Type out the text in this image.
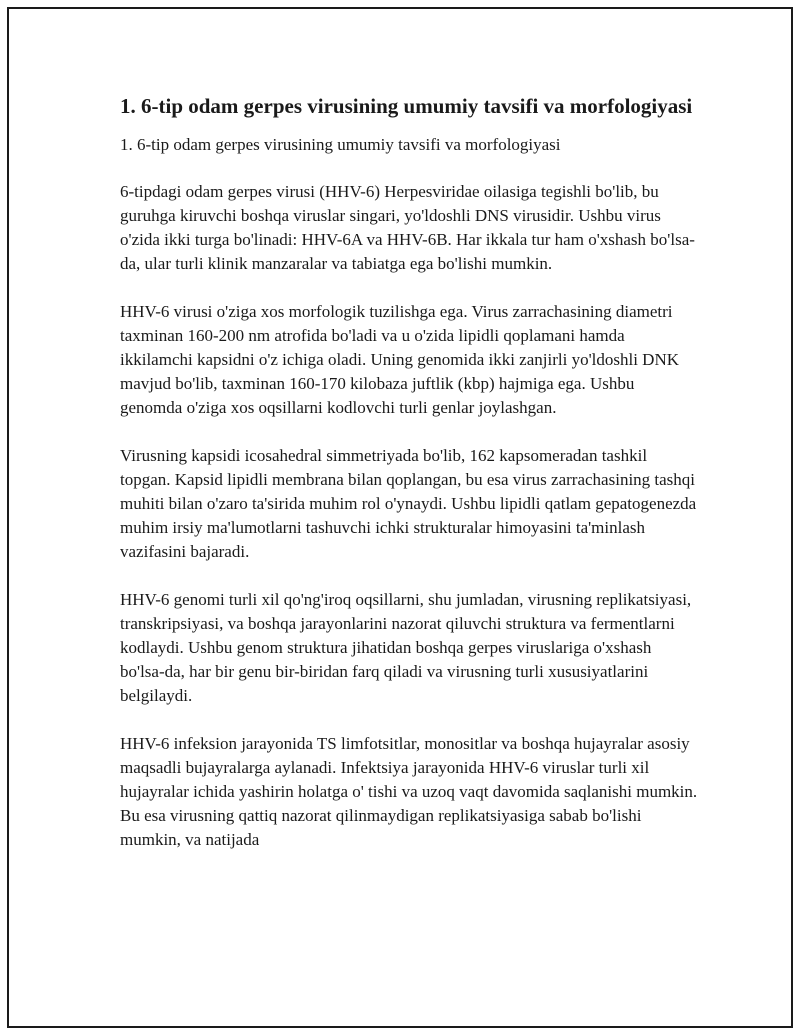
1. 6-tip odam gerpes virusining umumiy tavsifi va morfologiyasi

1. 6-tip odam gerpes virusining umumiy tavsifi va morfologiyasi

6-tipdagi odam gerpes virusi (HHV-6) Herpesviridae oilasiga tegishli bo'lib, bu guruhga kiruvchi boshqa viruslar singari, yo'ldoshli DNS virusidir. Ushbu virus o'zida ikki turga bo'linadi: HHV-6A va HHV-6B. Har ikkala tur ham o'xshash bo'lsa-da, ular turli klinik manzaralar va tabiatga ega bo'lishi mumkin.

HHV-6 virusi o'ziga xos morfologik tuzilishga ega. Virus zarrachasining diametri taxminan 160-200 nm atrofida bo'ladi va u o'zida lipidli qoplamani hamda ikkilamchi kapsidni o'z ichiga oladi. Uning genomida ikki zanjirli yo'ldoshli DNK mavjud bo'lib, taxminan 160-170 kilobaza juftlik (kbp) hajmiga ega. Ushbu genomda o'ziga xos oqsillarni kodlovchi turli genlar joylashgan.

Virusning kapsidi icosahedral simmetriyada bo'lib, 162 kapsomeradan tashkil topgan. Kapsid lipidli membrana bilan qoplangan, bu esa virus zarrachasining tashqi muhiti bilan o'zaro ta'sirida muhim rol o'ynaydi. Ushbu lipidli qatlam gepatogenezda muhim irsiy ma'lumotlarni tashuvchi ichki strukturalar himoyasini ta'minlash vazifasini bajaradi.

HHV-6 genomi turli xil qo'ng'iroq oqsillarni, shu jumladan, virusning replikatsiyasi, transkripsiyasi, va boshqa jarayonlarini nazorat qiluvchi struktura va fermentlarni kodlaydi. Ushbu genom struktura jihatidan boshqa gerpes viruslariga o'xshash bo'lsa-da, har bir genu bir-biridan farq qiladi va virusning turli xususiyatlarini belgilaydi.

HHV-6 infeksion jarayonida TS limfotsitlar, monositlar va boshqa hujayralar asosiy maqsadli bujayralarga aylanadi. Infektsiya jarayonida HHV-6 viruslar turli xil hujayralar ichida yashirin holatga o' tishi va uzoq vaqt davomida saqlanishi mumkin. Bu esa virusning qattiq nazorat qilinmaydigan replikatsiyasiga sabab bo'lishi mumkin, va natijada
